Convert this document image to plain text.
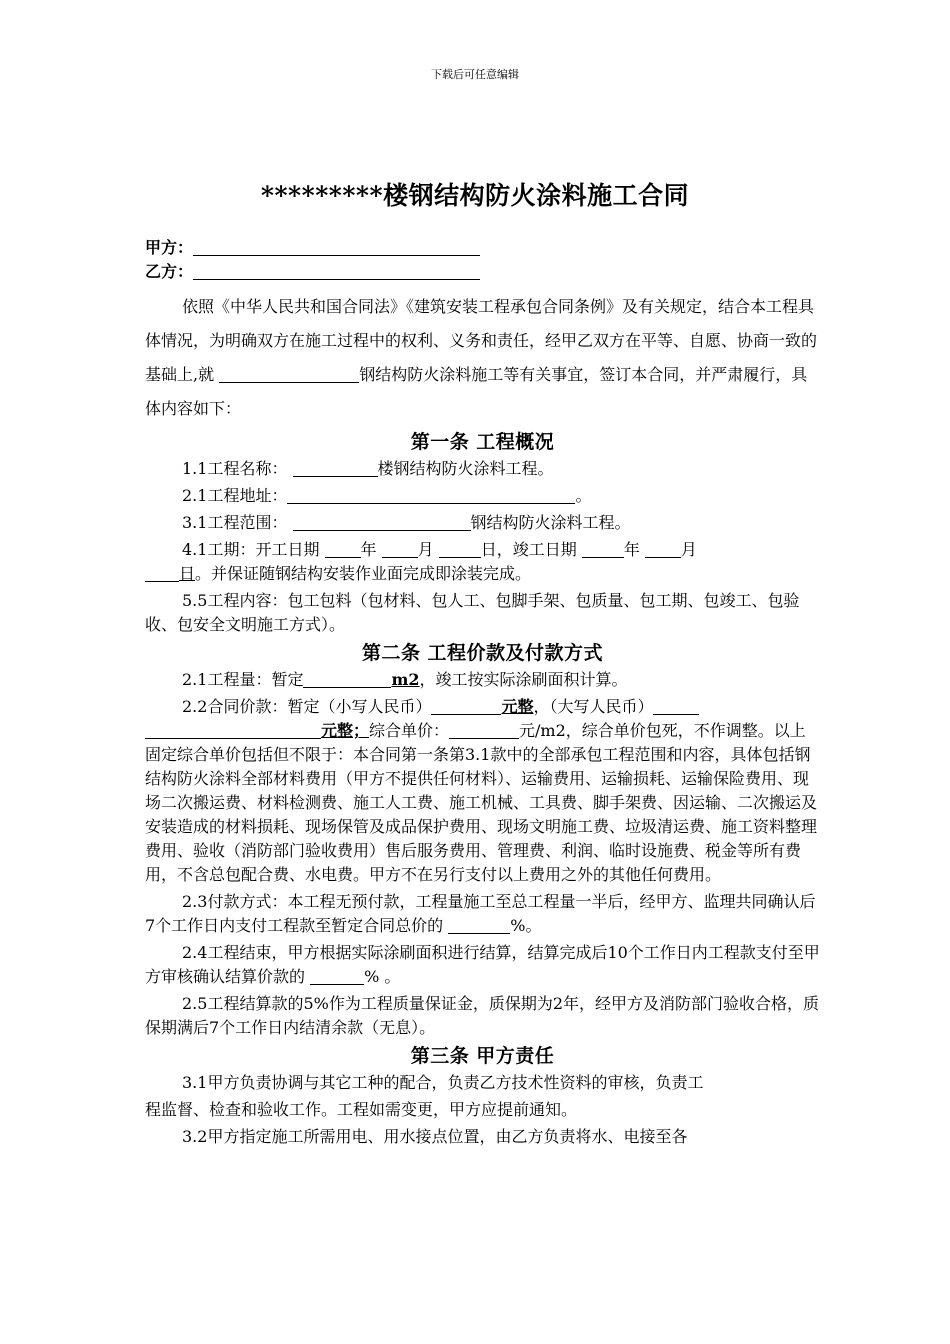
下载后可任意编辑
*********楼钢结构防火涂料施工合同
甲方：
乙方：

依照《中华人民共和国合同法》《建筑安装工程承包合同条例》及有关规定，结合本工程具体情况，为明确双方在施工过程中的权利、义务和责任，经甲乙双方在平等、自愿、协商一致的基础上,就	钢结构防火涂料施工等有关事宜，签订本合同，并严肃履行，具体内容如下：

第一条 工程概况

1.1工程名称：	楼钢结构防火涂料工程。

2.1工程地址：	。

3.1工程范围：	钢结构防火涂料工程。

4.1工期：开工日期 年 月	日，竣工日期	年 月
日。并保证随钢结构安装作业面完成即涂装完成。

5.5工程内容：包工包料（包材料、包人工、包脚手架、包质量、包工期、包竣工、包验收、包安全文明施工方式）。

第二条 工程价款及付款方式

2.1工程量：暂定	m2，竣工按实际涂刷面积计算。

2.2合同价款：暂定（小写人民币）	元整，（大写人民币）
元整；综合单价：	元/m2，综合单价包死，不作调整。以上固定综合单价包括但不限于：本合同第一条第3.1款中的全部承包工程范围和内容，具体包括钢结构防火涂料全部材料费用（甲方不提供任何材料）、运输费用、运输损耗、运输保险费用、现场二次搬运费、材料检测费、施工人工费、施工机械、工具费、脚手架费、因运输、二次搬运及安装造成的材料损耗、现场保管及成品保护费用、现场文明施工费、垃圾清运费、施工资料整理费用、验收（消防部门验收费用）售后服务费用、管理费、利润、临时设施费、税金等所有费用，不含总包配合费、水电费。甲方不在另行支付以上费用之外的其他任何费用。

2.3付款方式：本工程无预付款，工程量施工至总工程量一半后，经甲方、监理共同确认后7个工作日内支付工程款至暂定合同总价的	%。

2.4工程结束，甲方根据实际涂刷面积进行结算，结算完成后10个工作日内工程款支付至甲方审核确认结算价款的	% 。

2.5工程结算款的5%作为工程质量保证金，质保期为2年，经甲方及消防部门验收合格，质保期满后7个工作日内结清余款（无息）。

第三条 甲方责任

3.1甲方负责协调与其它工种的配合，负责乙方技术性资料的审核，负责工

程监督、检查和验收工作。工程如需变更，甲方应提前通知。

3.2甲方指定施工所需用电、用水接点位置，由乙方负责将水、电接至各
